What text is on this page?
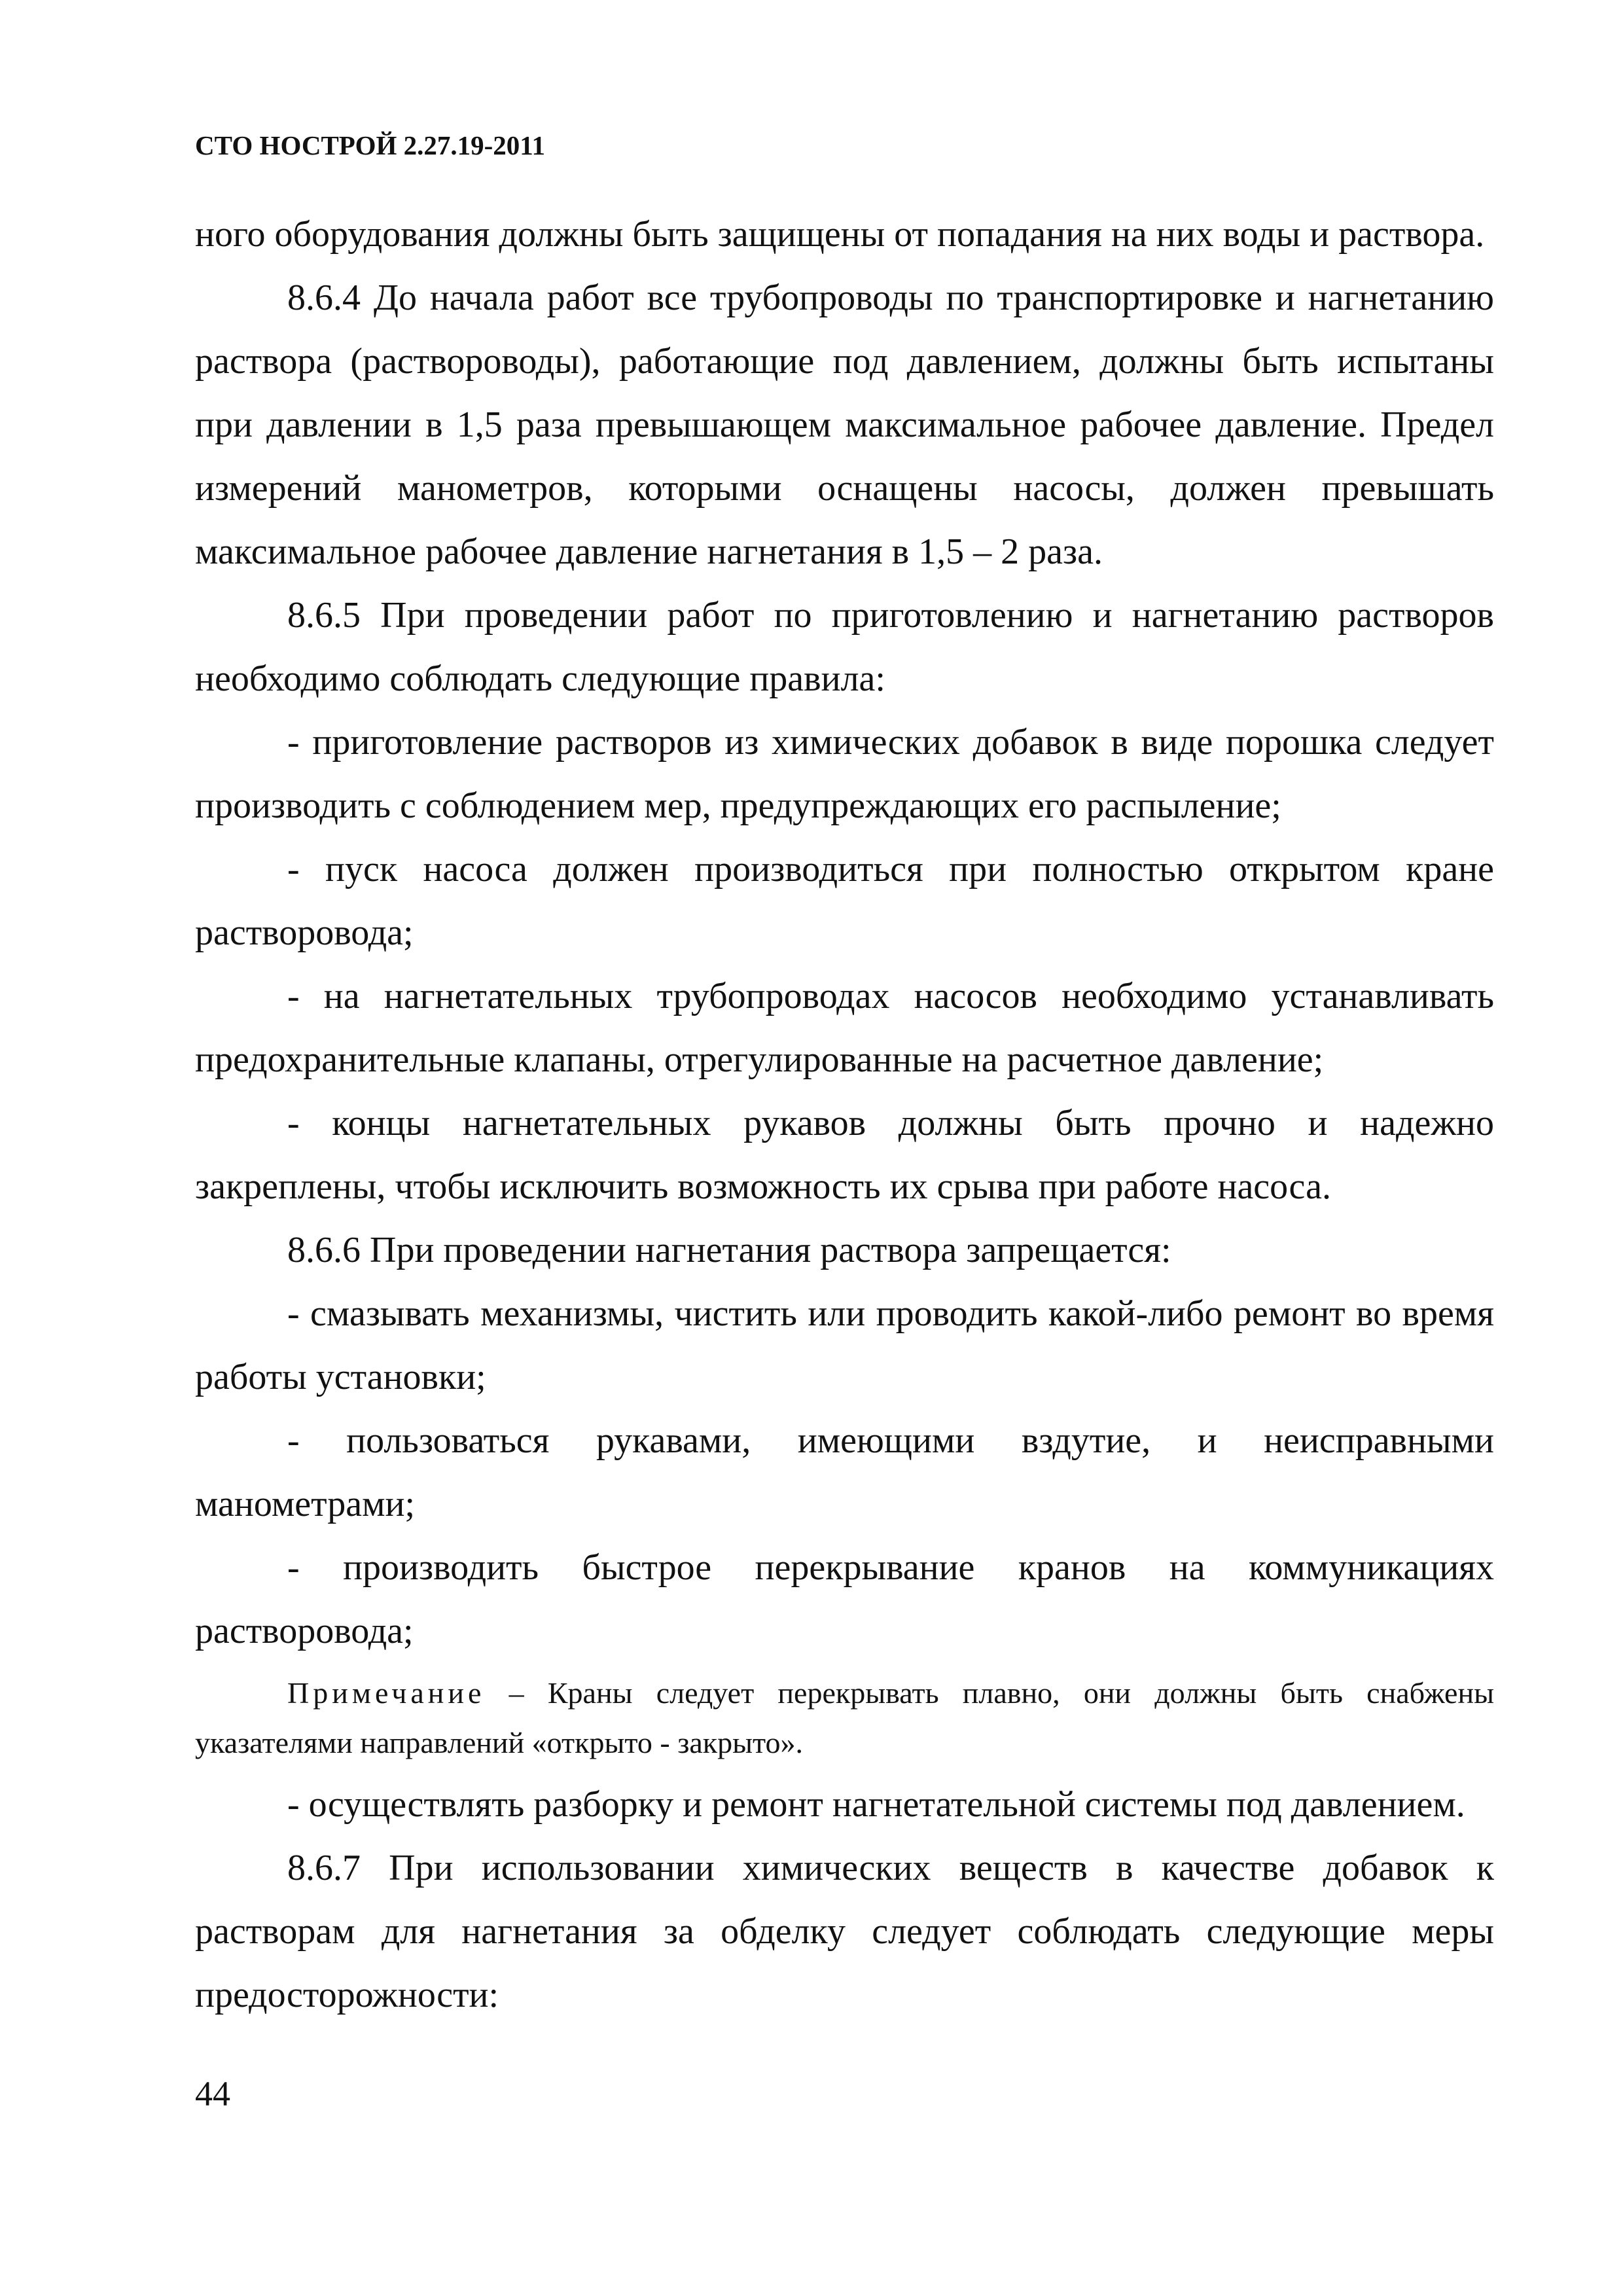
СТО НОСТРОЙ 2.27.19-2011

ного оборудования должны быть защищены от попадания на них воды и раствора.

8.6.4 До начала работ все трубопроводы по транспортировке и нагнетанию раствора (раствороводы), работающие под давлением, должны быть испытаны при давлении в 1,5 раза превышающем максимальное рабочее давление. Предел измерений манометров, которыми оснащены насосы, должен превышать максимальное рабочее давление нагнетания в 1,5 – 2 раза.

8.6.5 При проведении работ по приготовлению и нагнетанию растворов необходимо соблюдать следующие правила:

- приготовление растворов из химических добавок в виде порошка следует производить с соблюдением мер, предупреждающих его распыление;

- пуск насоса должен производиться при полностью открытом кране раствоpовода;

- на нагнетательных трубопроводах насосов необходимо устанавливать предохранительные клапаны, отрегулированные на расчетное давление;

- концы нагнетательных рукавов должны быть прочно и надежно закреплены, чтобы исключить возможность их срыва при работе насоса.

8.6.6 При проведении нагнетания раствора запрещается:

- смазывать механизмы, чистить или проводить какой-либо ремонт во время работы установки;

- пользоваться рукавами, имеющими вздутие, и неисправными манометрами;

- производить быстрое перекрывание кранов на коммуникациях раствоpовода;

Примечание – Краны следует перекрывать плавно, они должны быть снабжены указателями направлений «открыто - закрыто».

- осуществлять разборку и ремонт нагнетательной системы под давлением.

8.6.7 При использовании химических веществ в качестве добавок к растворам для нагнетания за обделку следует соблюдать следующие меры предосторожности:

44
